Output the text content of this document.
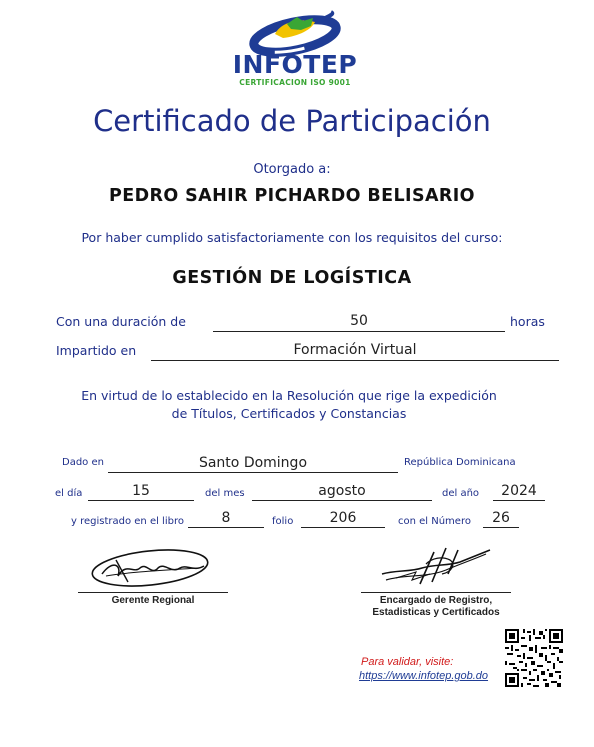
INFOTEP
CERTIFICACION ISO 9001
Certificado de Participación
Otorgado a:
PEDRO SAHIR PICHARDO BELISARIO
Por haber cumplido satisfactoriamente con los requisitos del curso:
GESTIÓN DE LOGÍSTICA
Con una duración de	50	horas
Impartido en	Formación Virtual
En virtud de lo establecido en la Resolución que rige la expedición
de Títulos, Certificados y Constancias
Dado en	Santo Domingo	República Dominicana
el día	15	del mes	agosto	del año	2024
y registrado en el libro	8	folio	206	con el Número	26
Gerente Regional	Encargado de Registro,
Estadisticas y Certificados
Para validar, visite:
https://www.infotep.gob.do
